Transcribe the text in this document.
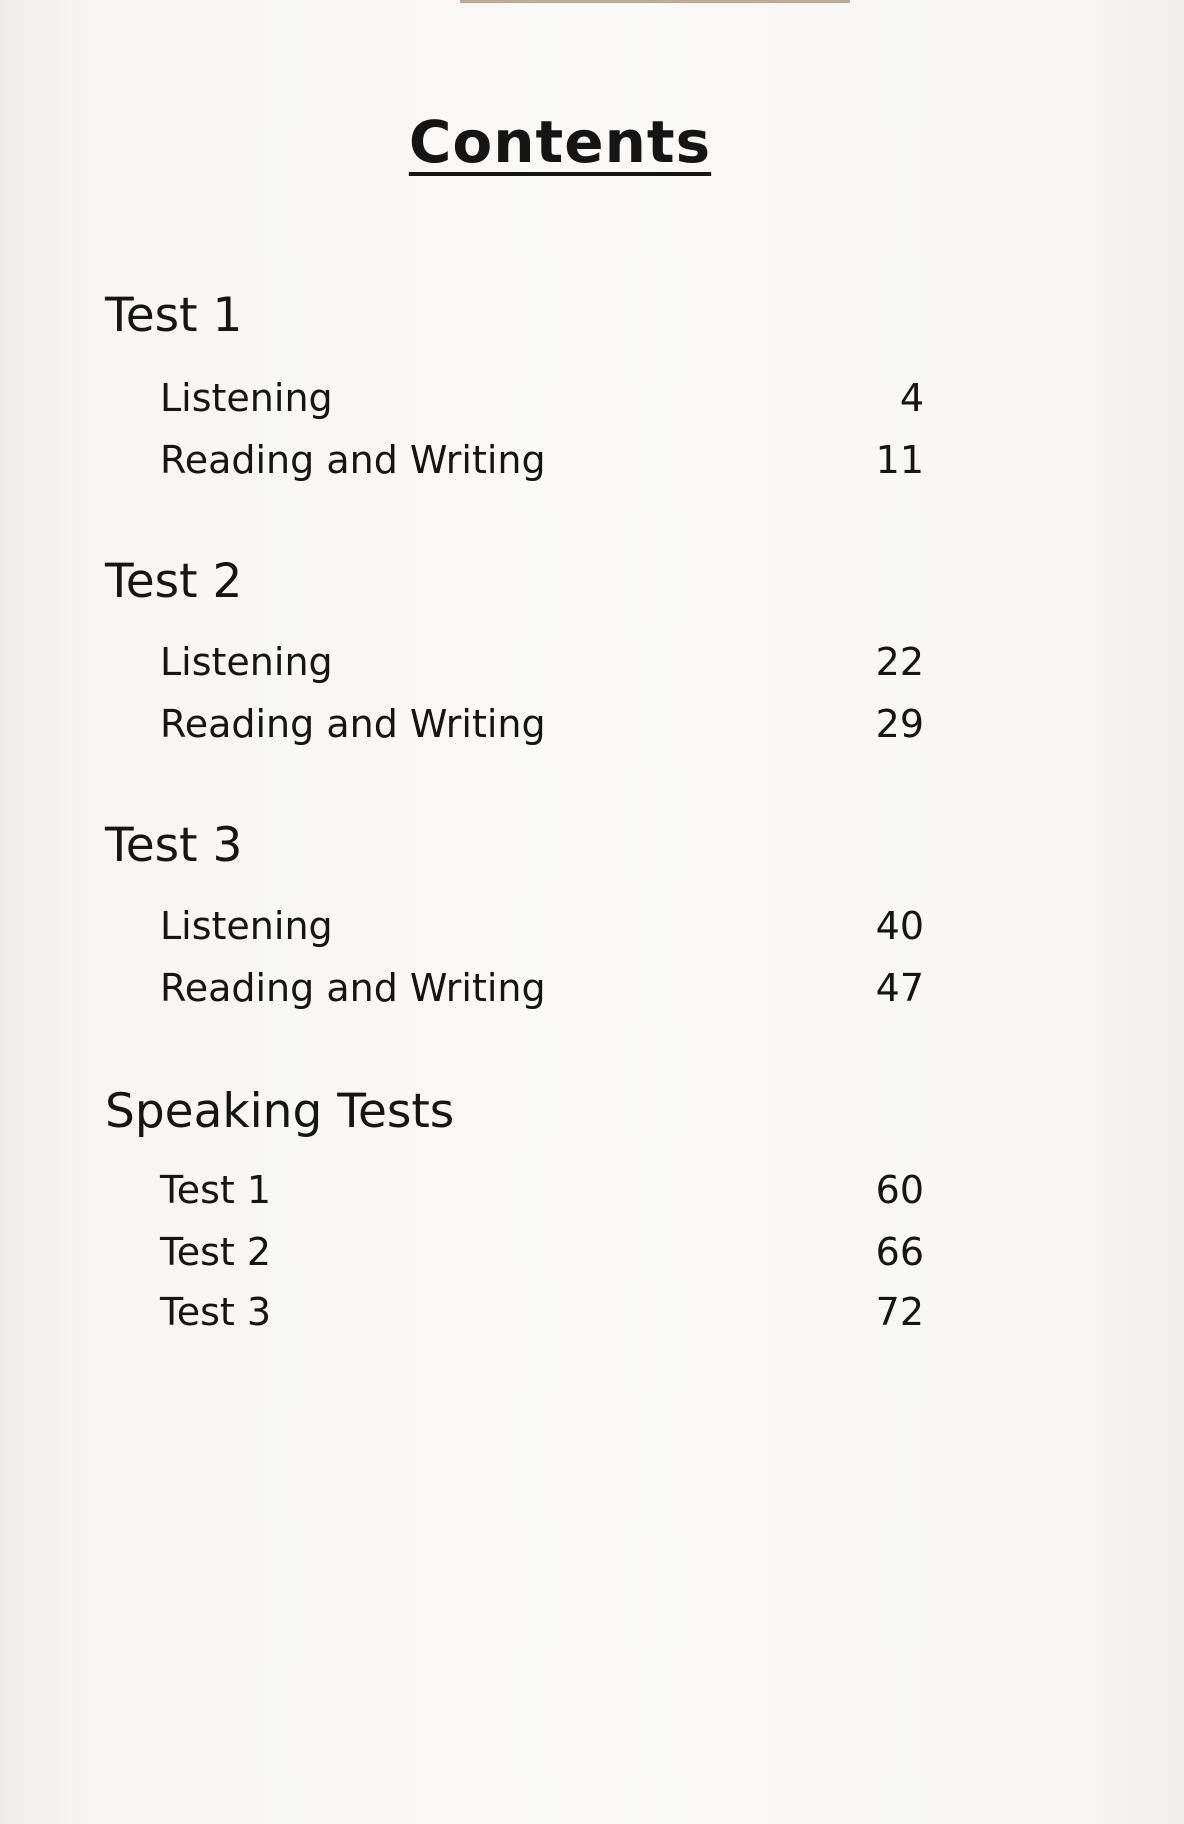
Contents
Test 1
Listening	4
Reading and Writing	11
Test 2
Listening	22
Reading and Writing	29
Test 3
Listening	40
Reading and Writing	47
Speaking Tests
Test 1	60
Test 2	66
Test 3	72
